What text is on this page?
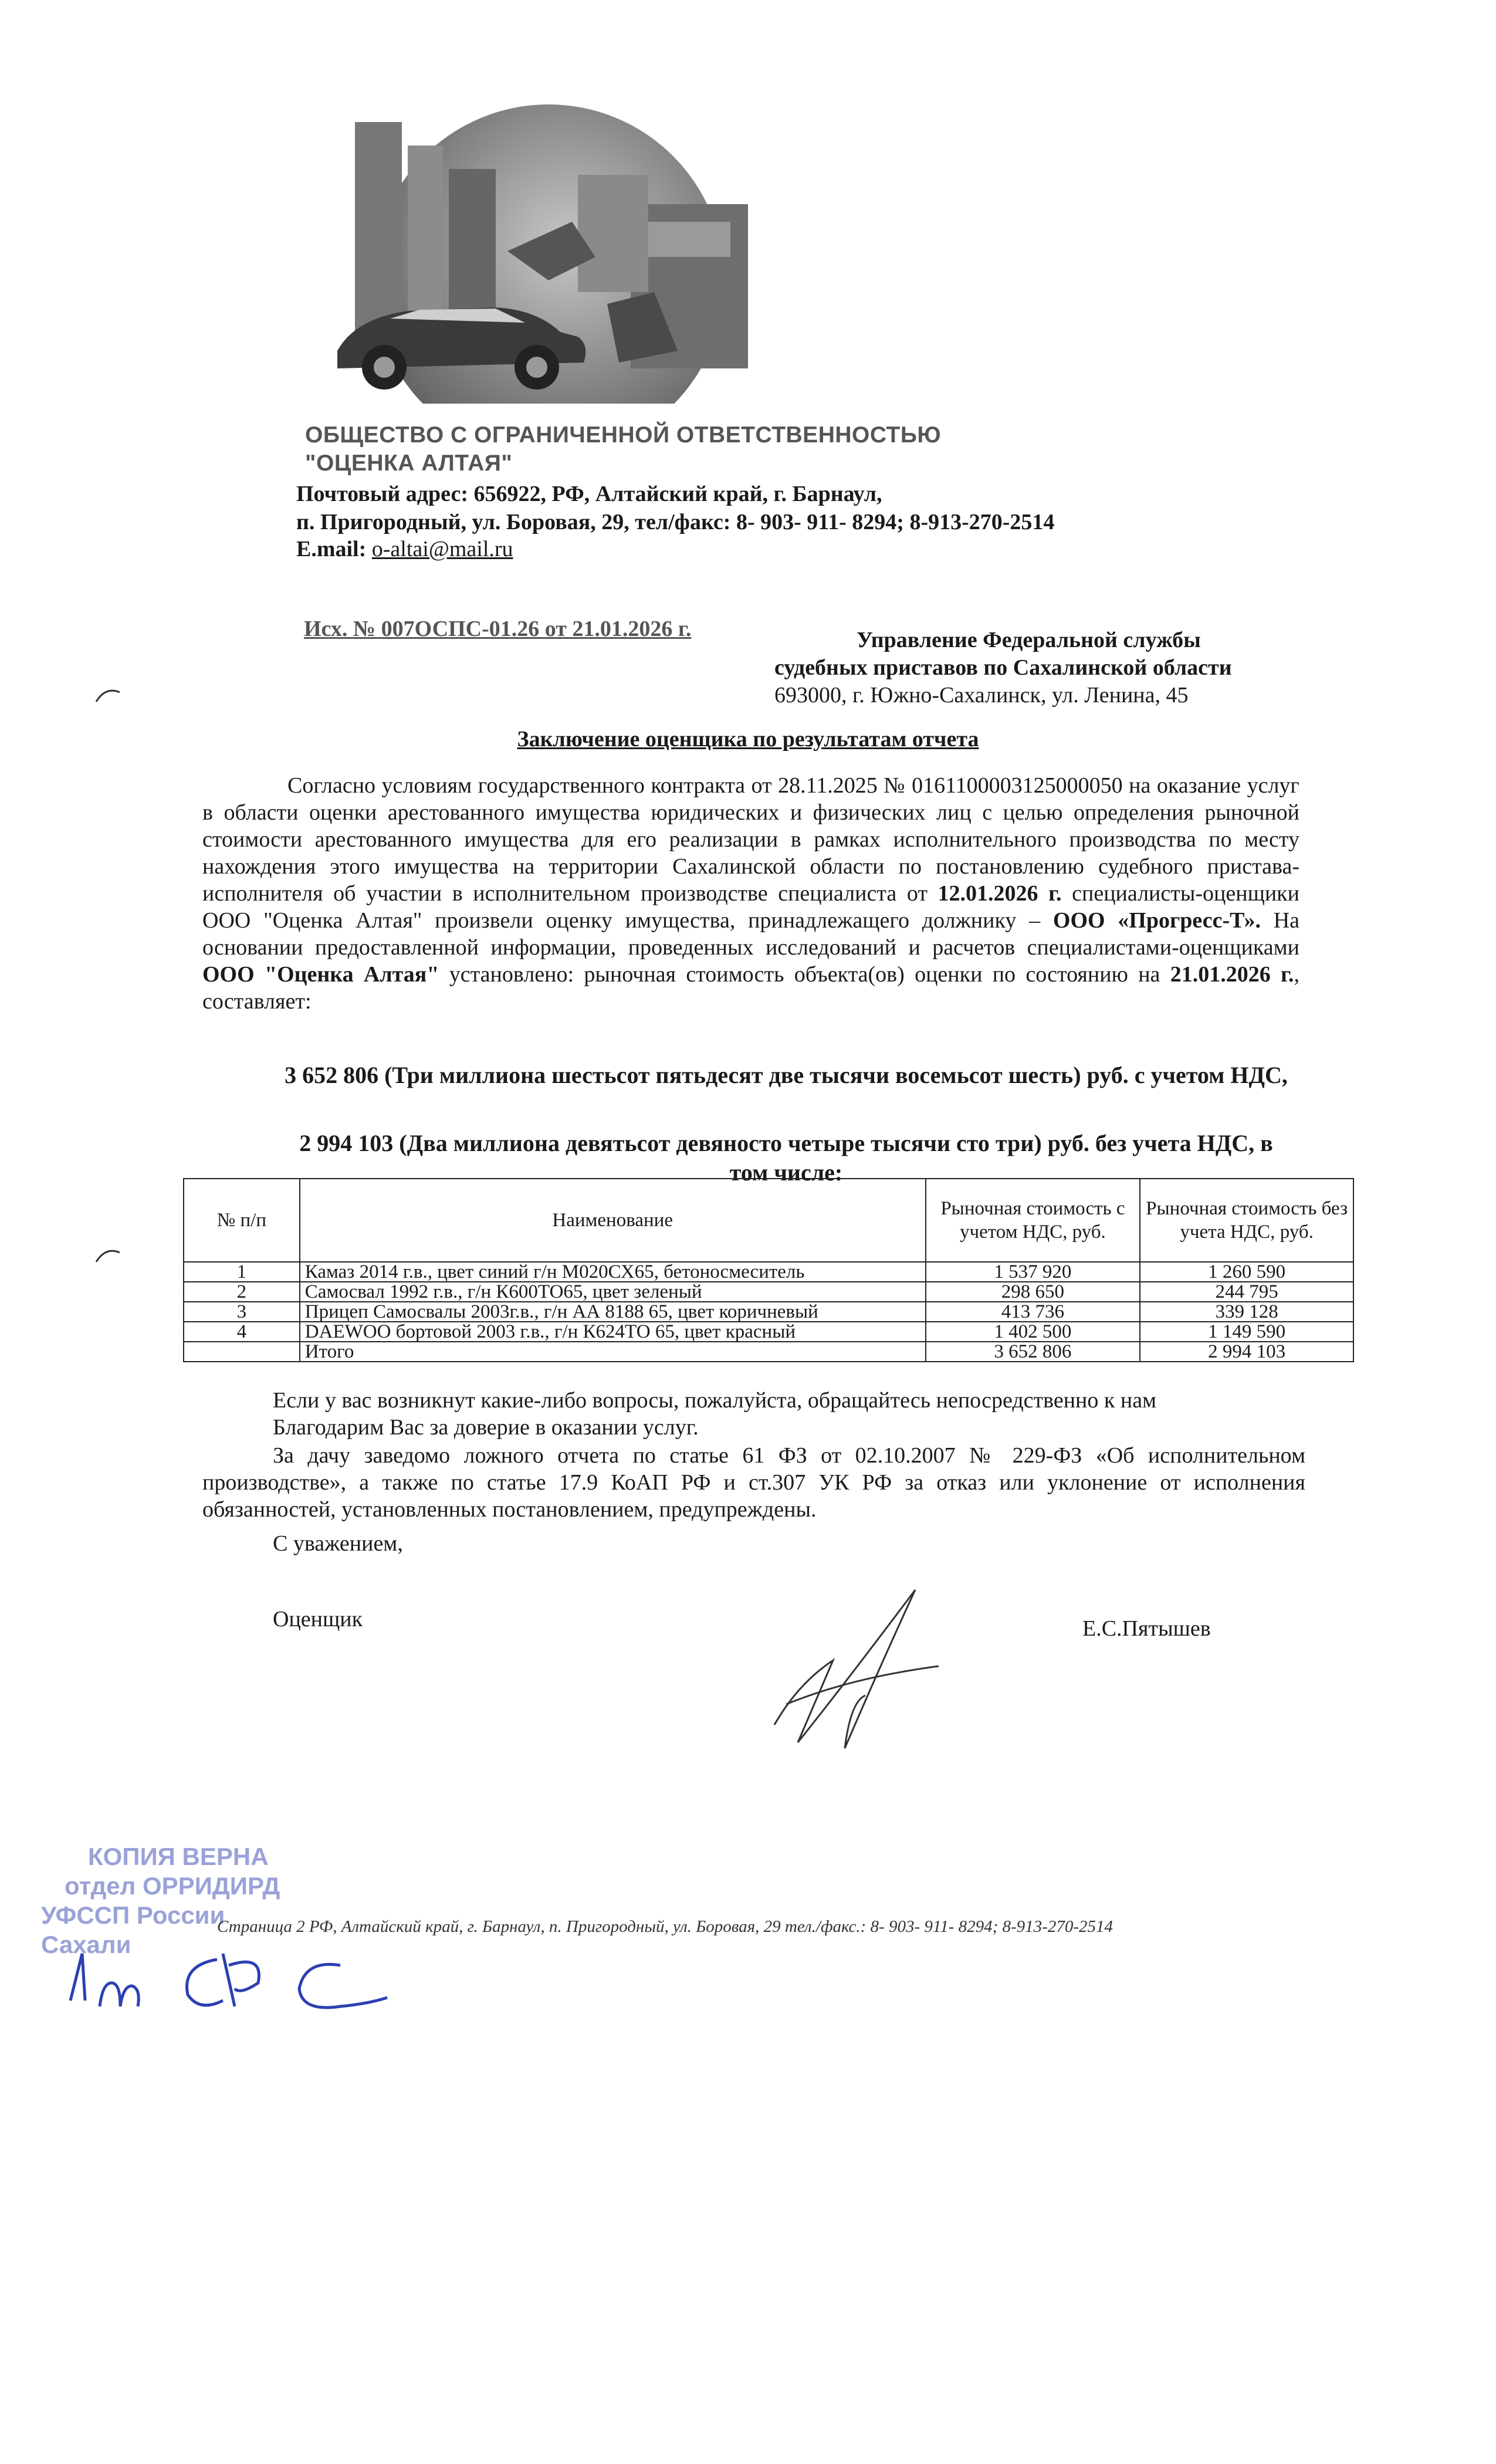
ОБЩЕСТВО С ОГРАНИЧЕННОЙ ОТВЕТСТВЕННОСТЬЮ
"ОЦЕНКА АЛТАЯ"
Почтовый адрес: 656922, РФ, Алтайский край, г. Барнаул,
п. Пригородный, ул. Боровая, 29, тел/факс: 8- 903- 911- 8294; 8-913-270-2514
E.mail: o-altai@mail.ru
Исх. № 007ОСПС-01.26 от 21.01.2026 г.	Управление Федеральной службы
судебных приставов по Сахалинской области
693000, г. Южно-Сахалинск, ул. Ленина, 45
Заключение оценщика по результатам отчета
Согласно условиям государственного контракта от 28.11.2025 № 0161100003125000050 на оказание услуг в области оценки арестованного имущества юридических и физических лиц с целью определения рыночной стоимости арестованного имущества для его реализации в рамках исполнительного производства по месту нахождения этого имущества на территории Сахалинской области по постановлению судебного пристава-исполнителя об участии в исполнительном производстве специалиста от 12.01.2026 г. специалисты-оценщики ООО "Оценка Алтая" произвели оценку имущества, принадлежащего должнику – ООО «Прогресс-Т». На основании предоставленной информации, проведенных исследований и расчетов специалистами-оценщиками ООО "Оценка Алтая" установлено: рыночная стоимость объекта(ов) оценки по состоянию на 21.01.2026 г., составляет:
3 652 806 (Три миллиона шестьсот пятьдесят две тысячи восемьсот шесть) руб. с учетом НДС,
2 994 103 (Два миллиона девятьсот девяносто четыре тысячи сто три) руб. без учета НДС, в том числе:
№ п/п	Наименование	Рыночная стоимость с учетом НДС, руб.	Рыночная стоимость без учета НДС, руб.
1	Камаз 2014 г.в., цвет синий г/н М020СХ65, бетоносмеситель	1 537 920	1 260 590
2	Самосвал 1992 г.в., г/н К600ТО65, цвет зеленый	298 650	244 795
3	Прицеп Самосвалы 2003г.в., г/н АА 8188 65, цвет коричневый	413 736	339 128
4	DAEWOO бортовой 2003 г.в., г/н К624ТО 65, цвет красный	1 402 500	1 149 590
	Итого	3 652 806	2 994 103
Если у вас возникнут какие-либо вопросы, пожалуйста, обращайтесь непосредственно к нам
Благодарим Вас за доверие в оказании услуг.
За дачу заведомо ложного отчета по статье 61 ФЗ от 02.10.2007 № 229-ФЗ «Об исполнительном производстве», а также по статье 17.9 КоАП РФ и ст.307 УК РФ за отказ или уклонение от исполнения обязанностей, установленных постановлением, предупреждены.
С уважением,
Оценщик	Е.С.Пятышев
КОПИЯ ВЕРНА
отдел ОРРИДИРД
УФССП России Сахали
Страница 2 РФ, Алтайский край, г. Барнаул, п. Пригородный, ул. Боровая, 29 тел./факс.: 8- 903- 911- 8294; 8-913-270-2514
